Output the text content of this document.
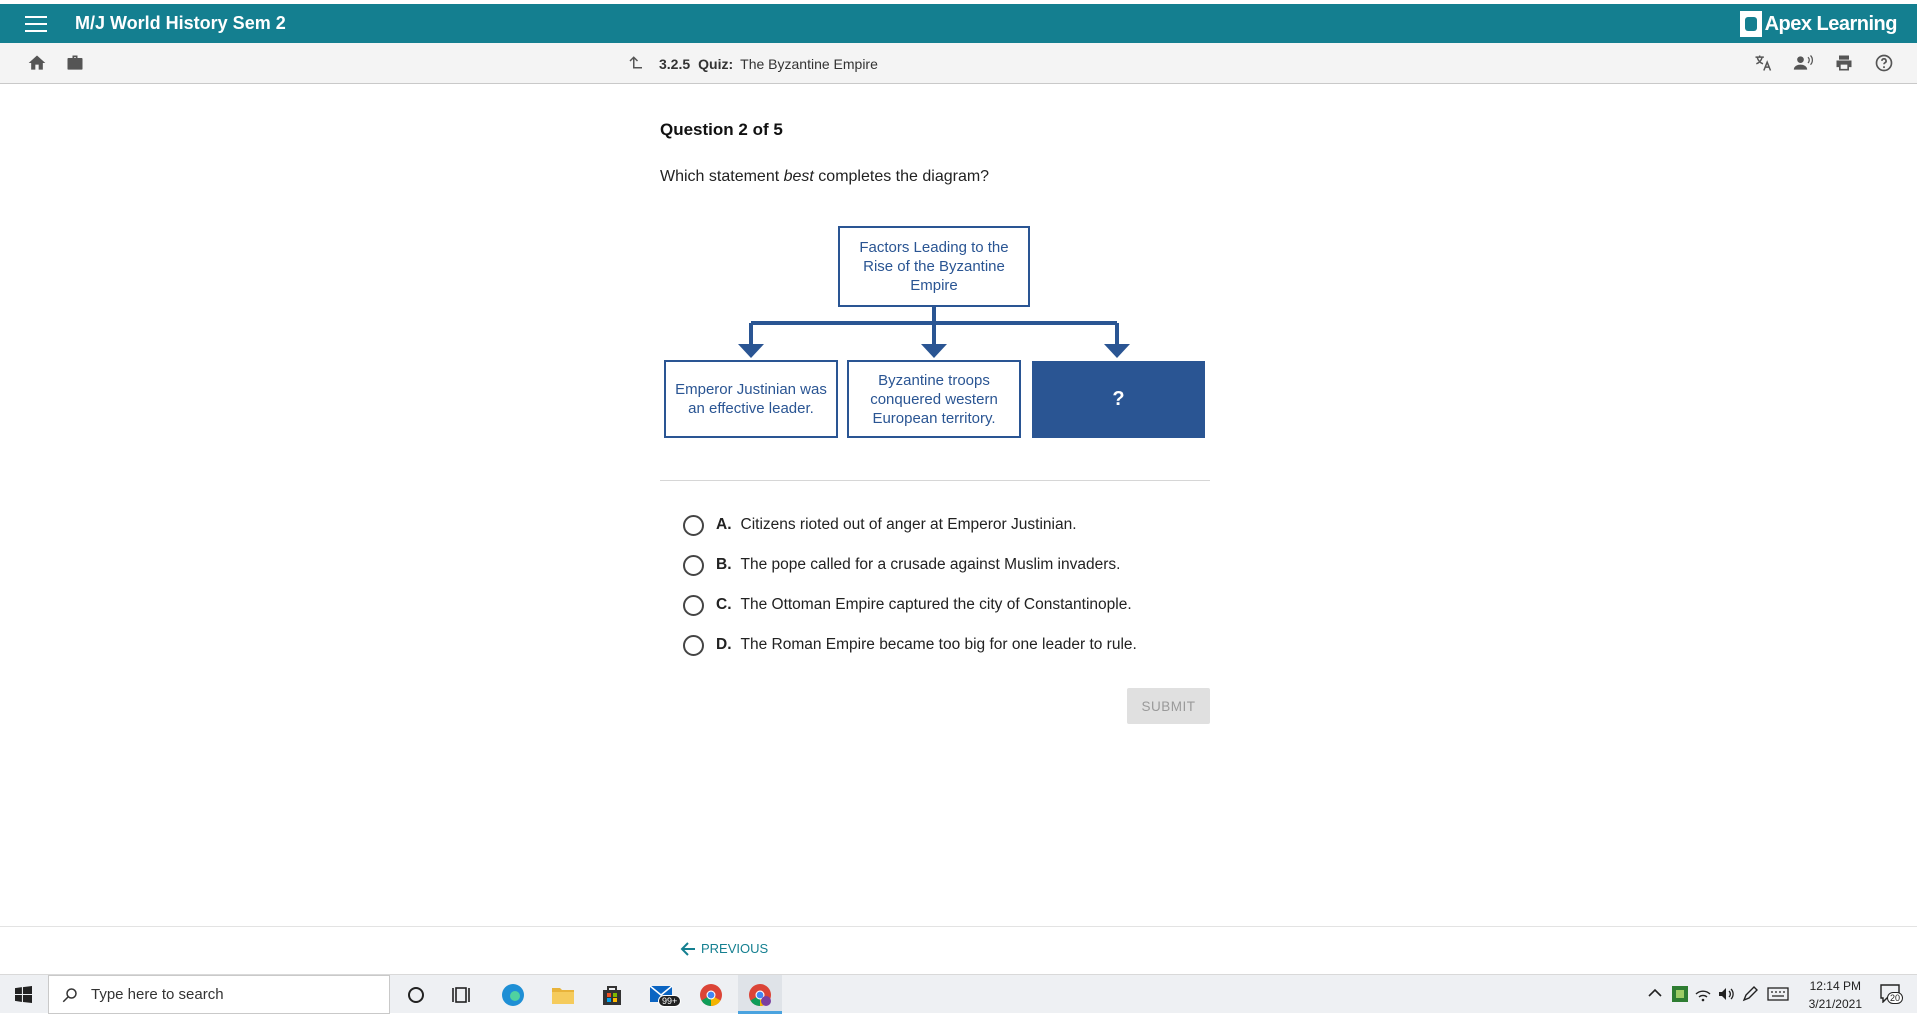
M/J World History Sem 2	Apex Learning
3.2.5 Quiz: The Byzantine Empire
Question 2 of 5
Which statement best completes the diagram?
Factors Leading to the Rise of the Byzantine Empire
Emperor Justinian was an effective leader.
Byzantine troops conquered western European territory.
?
A. Citizens rioted out of anger at Emperor Justinian.
B. The pope called for a crusade against Muslim invaders.
C. The Ottoman Empire captured the city of Constantinople.
D. The Roman Empire became too big for one leader to rule.
SUBMIT
PREVIOUS
Type here to search	99+
12:14 PM
3/21/2021	20
